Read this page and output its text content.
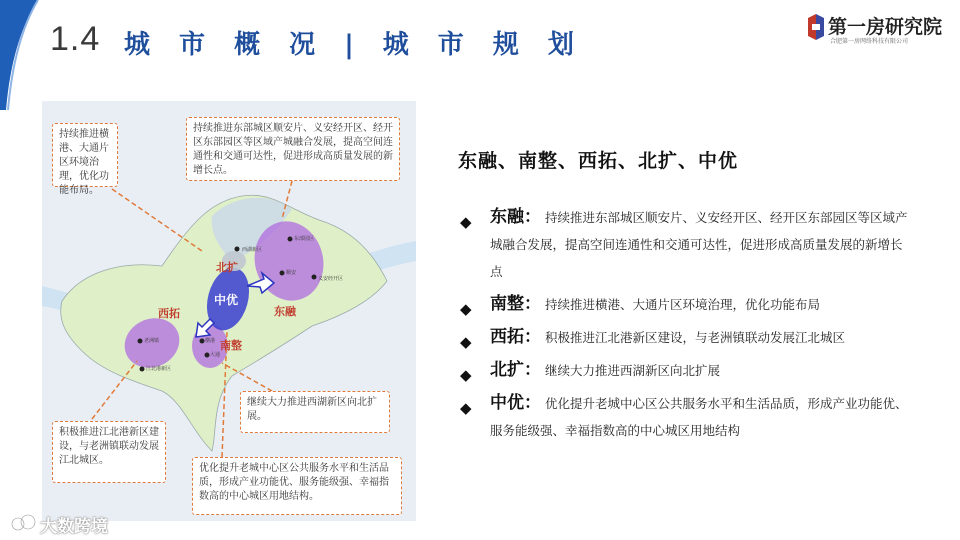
1.4 城 市 概 况 | 城 市 规 划
第一房研究院
合肥第一房网络科技有限公司
持续推进横港、大通片区环境治理，优化功能布局。
持续推进东部城区顺安片、义安经开区、经开区东部园区等区域产城融合发展，提高空间连通性和交通可达性，促进形成高质量发展的新增长点。
积极推进江北港新区建设，与老洲镇联动发展江北城区。
继续大力推进西湖新区向北扩展。
优化提升老城中心区公共服务水平和生活品质，形成产业功能优、服务能级强、幸福指数高的中心城区用地结构。
北扩
中优
西拓	东融
南整
西湖新区
东部园区
顺安
义安经开区
老洲镇
江北港新区
横港
大通
大数跨境
东融、南整、西拓、北扩、中优
◆ 东融： 持续推进东部城区顺安片、义安经开区、经开区东部园区等区域产城融合发展，提高空间连通性和交通可达性，促进形成高质量发展的新增长点
◆ 南整： 持续推进横港、大通片区环境治理，优化功能布局
◆ 西拓： 积极推进江北港新区建设，与老洲镇联动发展江北城区
◆ 北扩： 继续大力推进西湖新区向北扩展
◆ 中优： 优化提升老城中心区公共服务水平和生活品质，形成产业功能优、服务能级强、幸福指数高的中心城区用地结构
